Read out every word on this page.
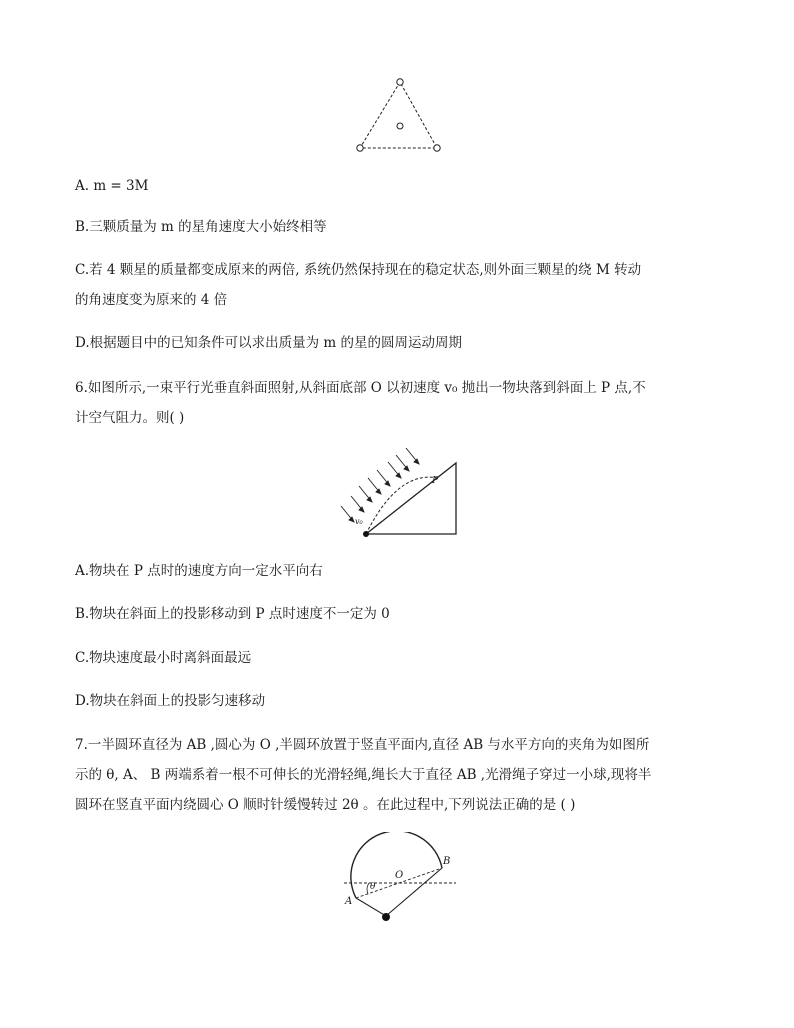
A. m = 3M

B.三颗质量为 m 的星角速度大小始终相等

C.若 4 颗星的质量都变成原来的两倍, 系统仍然保持现在的稳定状态,则外面三颗星的绕 M 转动

的角速度变为原来的 4 倍

D.根据题目中的已知条件可以求出质量为 m 的星的圆周运动周期

6.如图所示,一束平行光垂直斜面照射,从斜面底部 O 以初速度 v₀ 抛出一物块落到斜面上 P 点,不

计空气阻力。则( )

P
v₀

A.物块在 P 点时的速度方向一定水平向右

B.物块在斜面上的投影移动到 P 点时速度不一定为 0

C.物块速度最小时离斜面最远

D.物块在斜面上的投影匀速移动

7.一半圆环直径为 AB ,圆心为 O ,半圆环放置于竖直平面内,直径 AB 与水平方向的夹角为如图所

示的 θ, A、 B 两端系着一根不可伸长的光滑轻绳,绳长大于直径 AB ,光滑绳子穿过一小球,现将半

圆环在竖直平面内绕圆心 O 顺时针缓慢转过 2θ 。在此过程中,下列说法正确的是 ( )

A
B
O
θ
